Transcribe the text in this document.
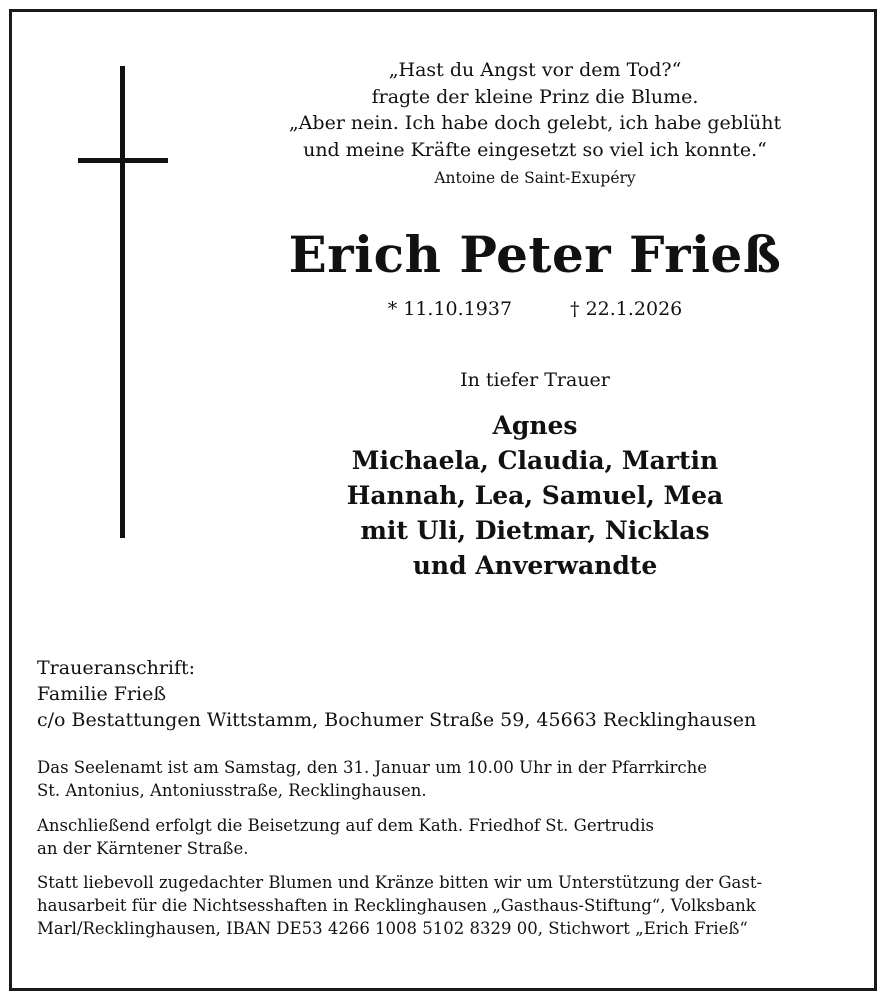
„Hast du Angst vor dem Tod?“
fragte der kleine Prinz die Blume.
„Aber nein. Ich habe doch gelebt, ich habe geblüht
und meine Kräfte eingesetzt so viel ich konnte.“
Antoine de Saint-Exupéry
Erich Peter Frieß
* 11.10.1937	† 22.1.2026
In tiefer Trauer
Agnes
Michaela, Claudia, Martin
Hannah, Lea, Samuel, Mea
mit Uli, Dietmar, Nicklas
und Anverwandte
Traueranschrift:
Familie Frieß
c/o Bestattungen Wittstamm, Bochumer Straße 59, 45663 Recklinghausen
Das Seelenamt ist am Samstag, den 31. Januar um 10.00 Uhr in der Pfarrkirche
St. Antonius, Antoniusstraße, Recklinghausen.
Anschließend erfolgt die Beisetzung auf dem Kath. Friedhof St. Gertrudis
an der Kärntener Straße.
Statt liebevoll zugedachter Blumen und Kränze bitten wir um Unterstützung der Gast-
hausarbeit für die Nichtsesshaften in Recklinghausen „Gasthaus-Stiftung“, Volksbank
Marl/Recklinghausen, IBAN DE53 4266 1008 5102 8329 00, Stichwort „Erich Frieß“
